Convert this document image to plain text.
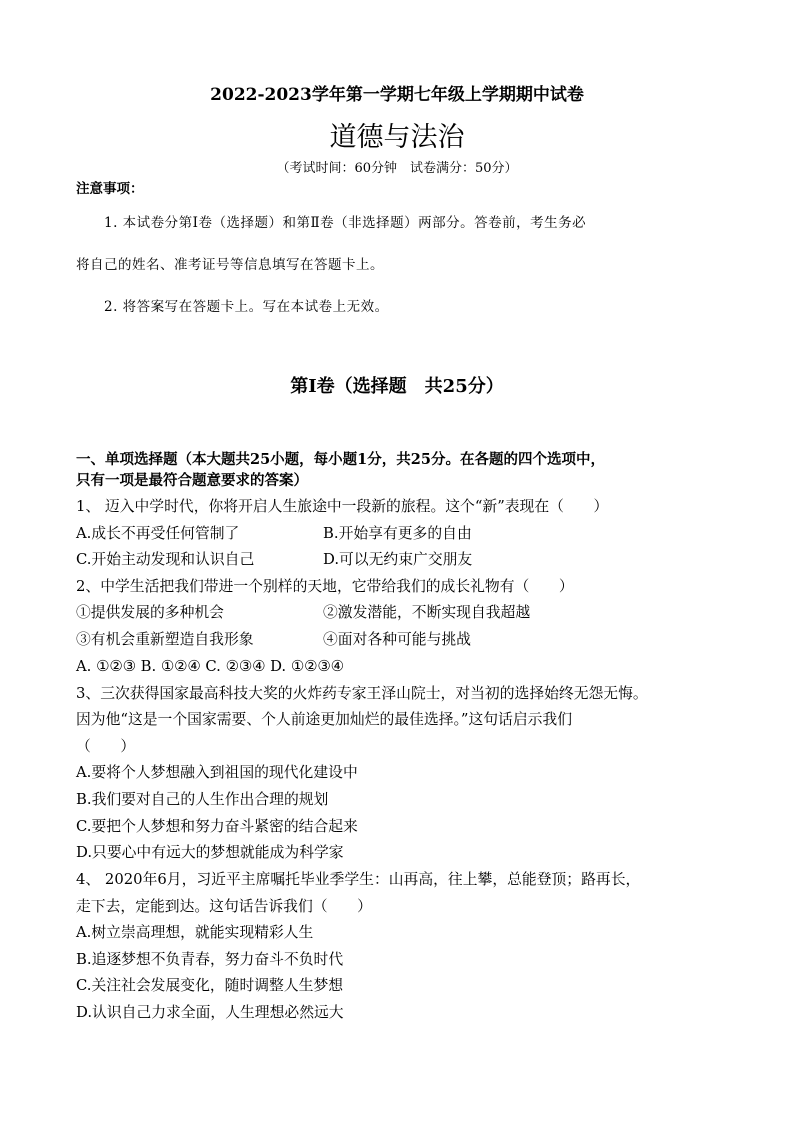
2022-2023学年第一学期七年级上学期期中试卷
道德与法治
（考试时间：60分钟　试卷满分：50分）
注意事项：
1. 本试卷分第Ⅰ卷（选择题）和第Ⅱ卷（非选择题）两部分。答卷前，考生务必
将自己的姓名、准考证号等信息填写在答题卡上。
2. 将答案写在答题卡上。写在本试卷上无效。
第Ⅰ卷（选择题　共25分）
一、单项选择题（本大题共25小题，每小题1分，共25分。在各题的四个选项中，
只有一项是最符合题意要求的答案）
1、 迈入中学时代，你将开启人生旅途中一段新的旅程。这个“新”表现在（　　）
A.成长不再受任何管制了	B.开始享有更多的自由
C.开始主动发现和认识自己	D.可以无约束广交朋友
2、中学生活把我们带进一个别样的天地，它带给我们的成长礼物有（　　）
①提供发展的多种机会	②激发潜能，不断实现自我超越
③有机会重新塑造自我形象	④面对各种可能与挑战
A. ①②③ B. ①②④ C. ②③④ D. ①②③④
3、三次获得国家最高科技大奖的火炸药专家王泽山院士，对当初的选择始终无怨无悔。
因为他“这是一个国家需要、个人前途更加灿烂的最佳选择。”这句话启示我们
（　　）
A.要将个人梦想融入到祖国的现代化建设中
B.我们要对自己的人生作出合理的规划
C.要把个人梦想和努力奋斗紧密的结合起来
D.只要心中有远大的梦想就能成为科学家
4、 2020年6月，习近平主席嘱托毕业季学生：山再高，往上攀，总能登顶；路再长，
走下去，定能到达。这句话告诉我们（　　）
A.树立崇高理想，就能实现精彩人生
B.追逐梦想不负青春，努力奋斗不负时代
C.关注社会发展变化，随时调整人生梦想
D.认识自己力求全面，人生理想必然远大
